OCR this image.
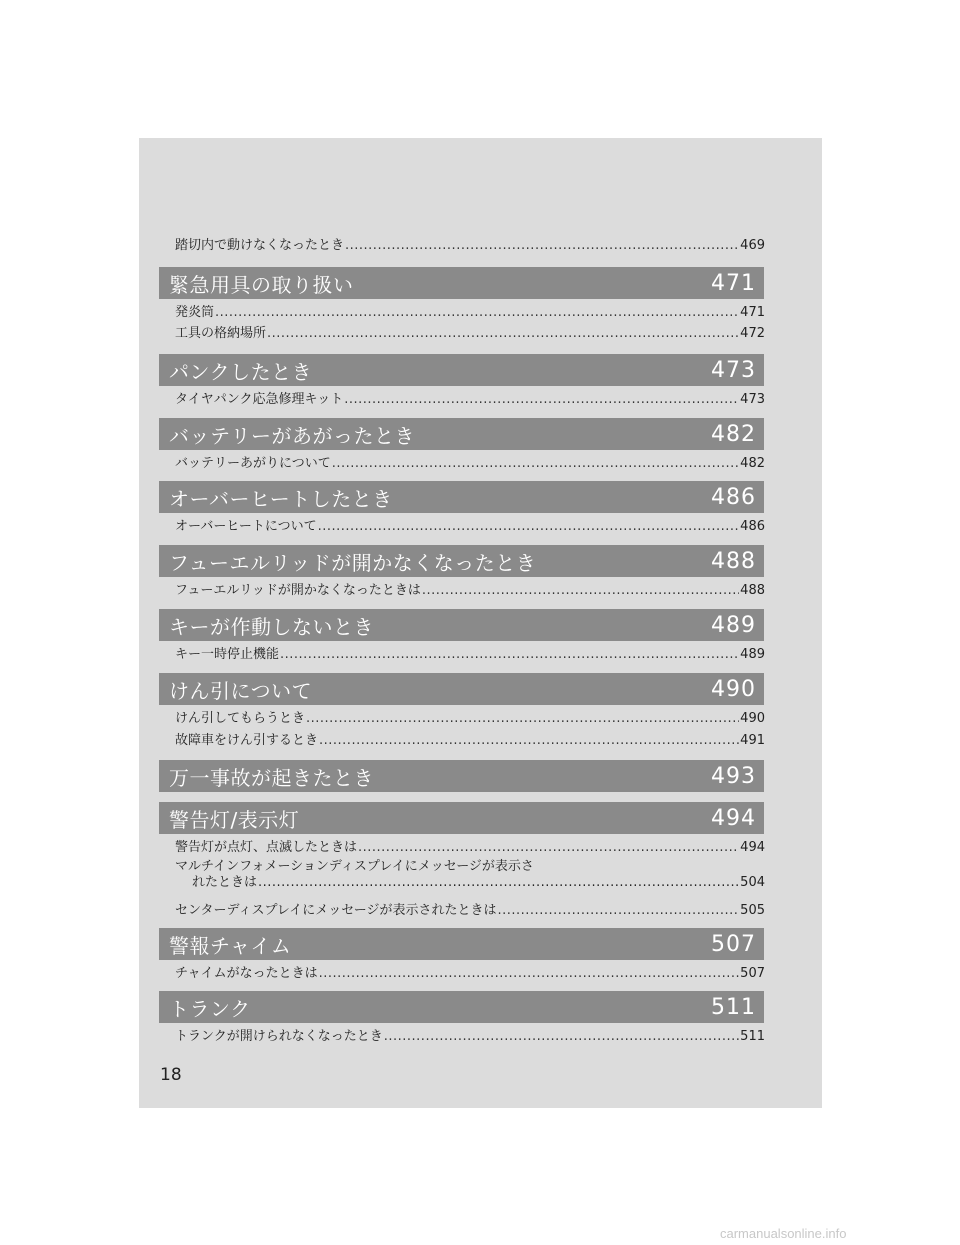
踏切内で動けなくなったとき .....	469
緊急用具の取り扱い	471
発炎筒 .....	471
工具の格納場所 .....	472
パンクしたとき	473
タイヤパンク応急修理キット .....	473
バッテリーがあがったとき	482
バッテリーあがりについて .....	482
オーバーヒートしたとき	486
オーバーヒートについて .....	486
フューエルリッドが開かなくなったとき	488
フューエルリッドが開かなくなったときは .....	488
キーが作動しないとき	489
キー一時停止機能 .....	489
けん引について	490
けん引してもらうとき .....	490
故障車をけん引するとき .....	491
万一事故が起きたとき	493
警告灯/表示灯	494
警告灯が点灯、点滅したときは .....	494
マルチインフォメーションディスプレイにメッセージが表示さ
れたときは .....	504
センターディスプレイにメッセージが表示されたときは .....	505
警報チャイム	507
チャイムがなったときは .....	507
トランク	511
トランクが開けられなくなったとき .....	511
18
carmanualsonline.info
